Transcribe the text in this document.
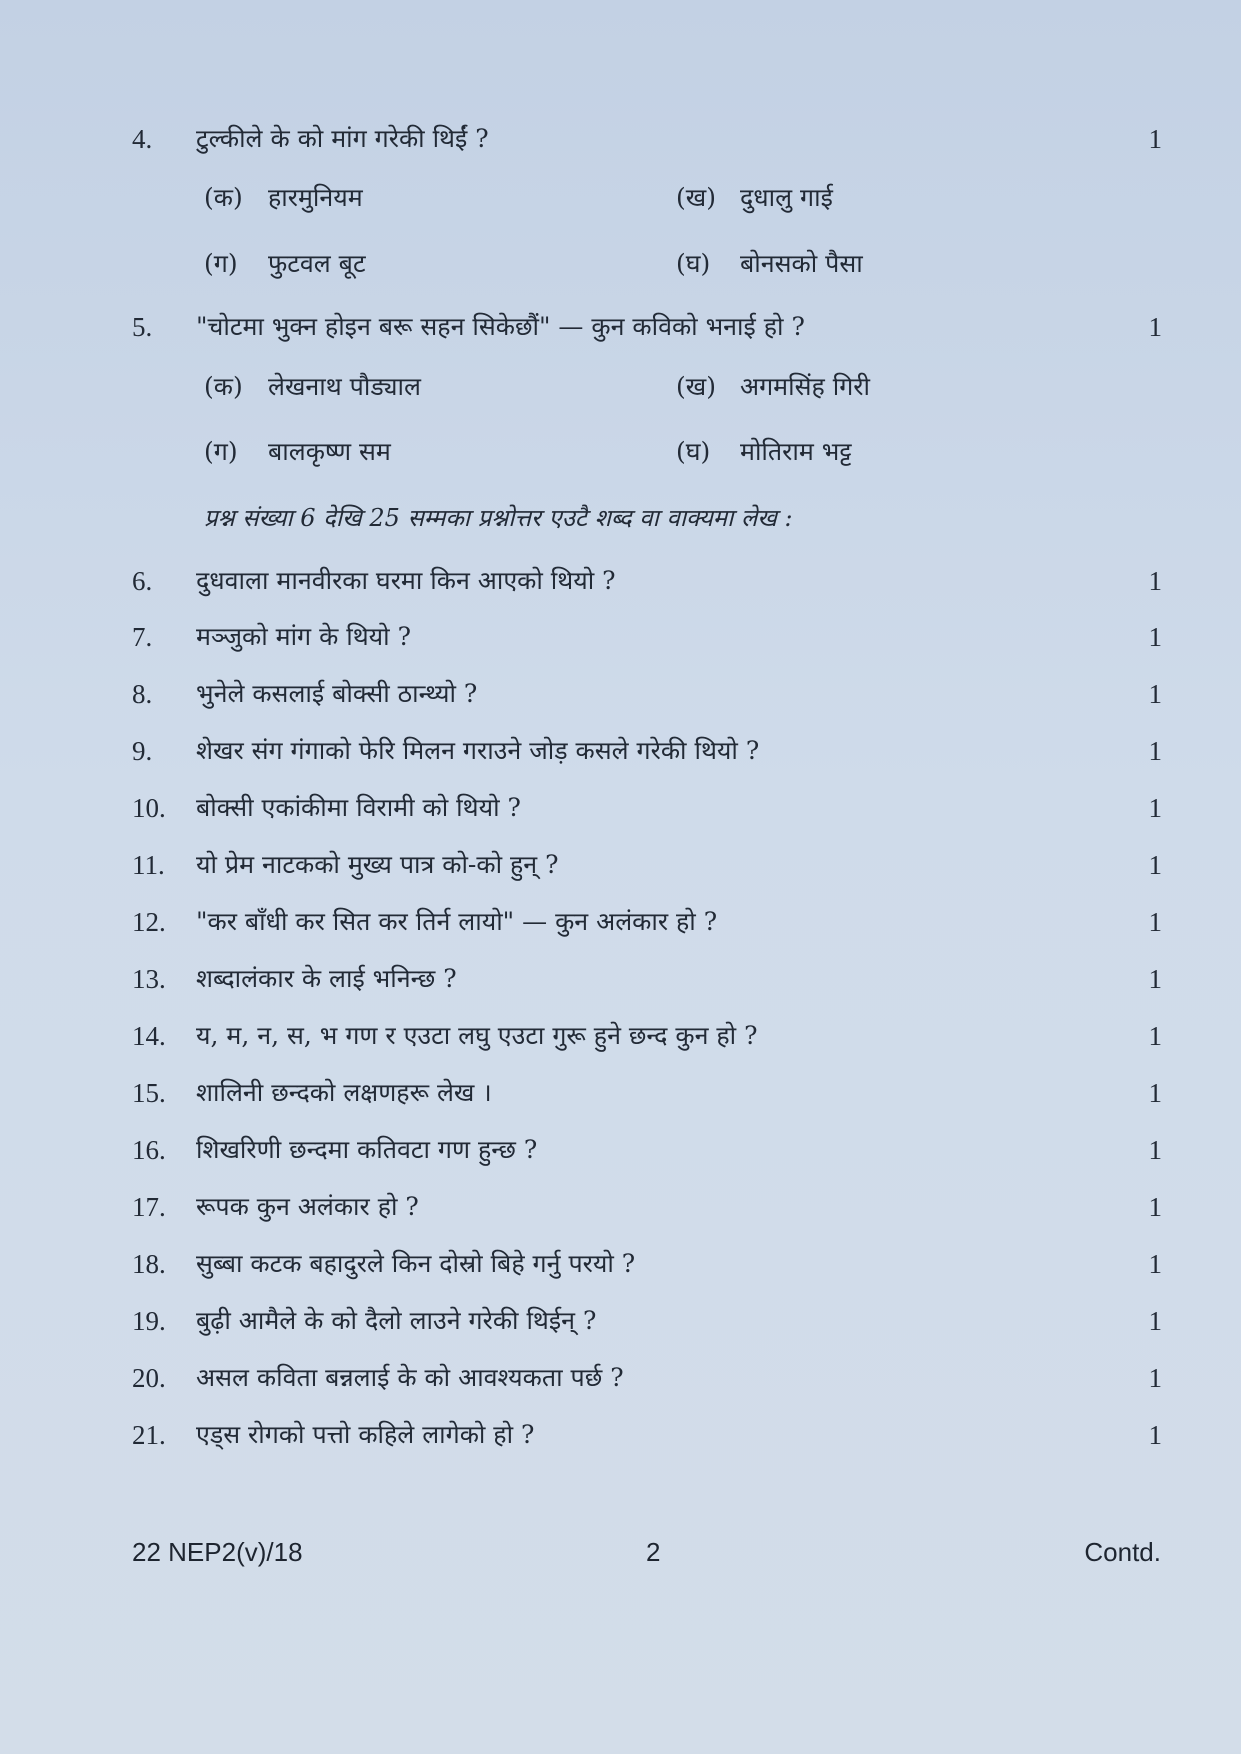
4.	टुल्कीले के को मांग गरेकी थिईं ?	1
(क) हारमुनियम	(ख) दुधालु गाई
(ग) फुटवल बूट	(घ) बोनसको पैसा
5.	"चोटमा भुक्न होइन बरू सहन सिकेछौं" — कुन कविको भनाई हो ?	1
(क) लेखनाथ पौड्याल	(ख) अगमसिंह गिरी
(ग) बालकृष्ण सम	(घ) मोतिराम भट्ट
प्रश्न संख्या 6 देखि 25 सम्मका प्रश्नोत्तर एउटै शब्द वा वाक्यमा लेख :
6.	दुधवाला मानवीरका घरमा किन आएको थियो ?	1
7.	मञ्जुको मांग के थियो ?	1
8.	भुनेले कसलाई बोक्सी ठान्थ्यो ?	1
9.	शेखर संग गंगाको फेरि मिलन गराउने जोड़ कसले गरेकी थियो ?	1
10.	बोक्सी एकांकीमा विरामी को थियो ?	1
11.	यो प्रेम नाटकको मुख्य पात्र को-को हुन् ?	1
12.	"कर बाँधी कर सित कर तिर्न लायो" — कुन अलंकार हो ?	1
13.	शब्दालंकार के लाई भनिन्छ ?	1
14.	य, म, न, स, भ गण र एउटा लघु एउटा गुरू हुने छन्द कुन हो ?	1
15.	शालिनी छन्दको लक्षणहरू लेख ।	1
16.	शिखरिणी छन्दमा कतिवटा गण हुन्छ ?	1
17.	रूपक कुन अलंकार हो ?	1
18.	सुब्बा कटक बहादुरले किन दोस्रो बिहे गर्नु परयो ?	1
19.	बुढ़ी आमैले के को दैलो लाउने गरेकी थिईन् ?	1
20.	असल कविता बन्नलाई के को आवश्यकता पर्छ ?	1
21.	एड्स रोगको पत्तो कहिले लागेको हो ?	1
22 NEP2(v)/18	2	Contd.
